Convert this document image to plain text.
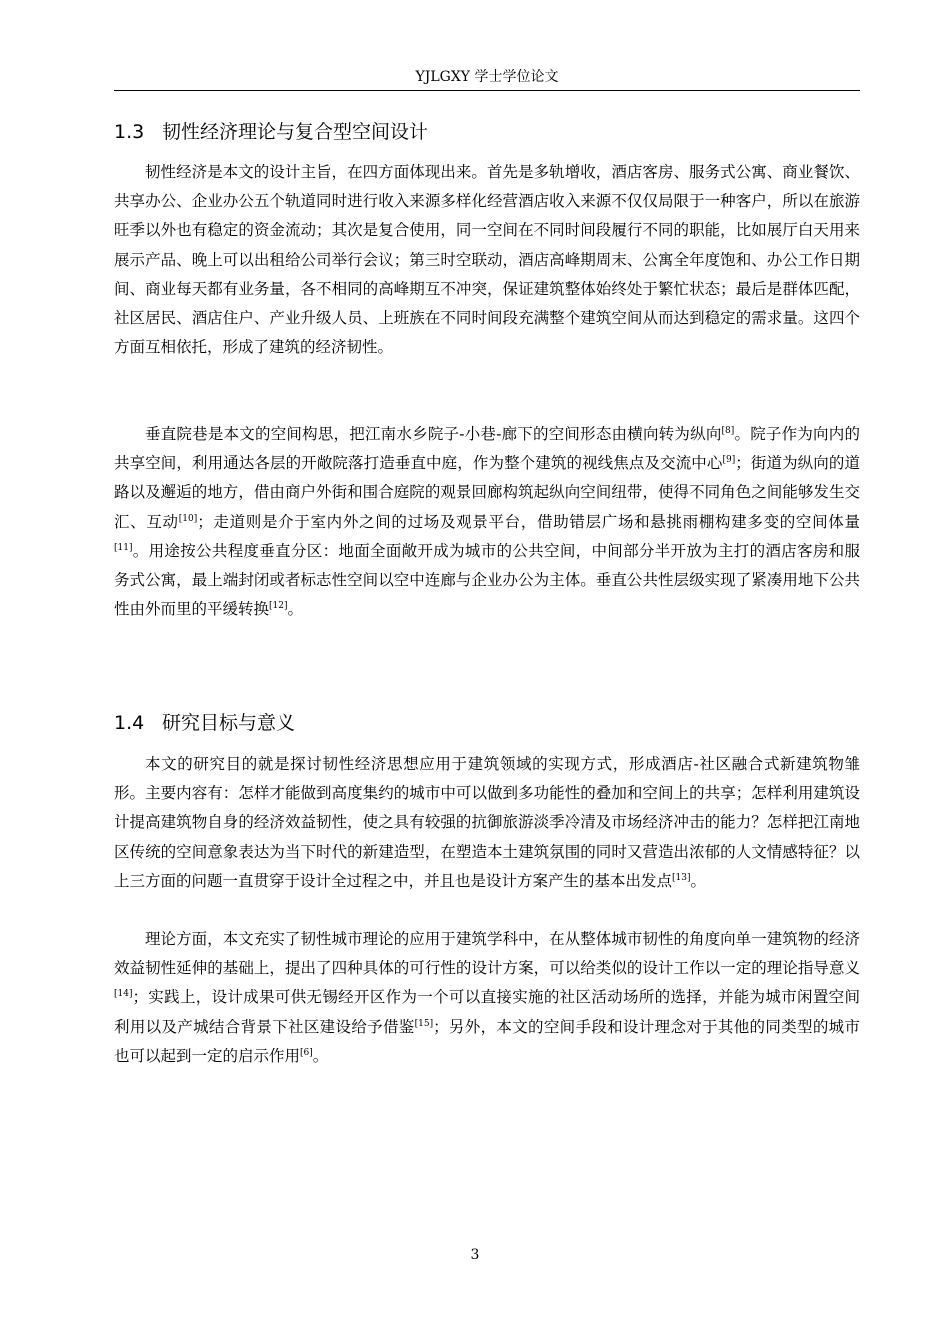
YJLGXY 学士学位论文
1.3 韧性经济理论与复合型空间设计
韧性经济是本文的设计主旨，在四方面体现出来。首先是多轨增收，酒店客房、服务式公寓、商业餐饮、共享办公、企业办公五个轨道同时进行收入来源多样化经营酒店收入来源不仅仅局限于一种客户，所以在旅游旺季以外也有稳定的资金流动；其次是复合使用，同一空间在不同时间段履行不同的职能，比如展厅白天用来展示产品、晚上可以出租给公司举行会议；第三时空联动，酒店高峰期周末、公寓全年度饱和、办公工作日期间、商业每天都有业务量，各不相同的高峰期互不冲突，保证建筑整体始终处于繁忙状态；最后是群体匹配，社区居民、酒店住户、产业升级人员、上班族在不同时间段充满整个建筑空间从而达到稳定的需求量。这四个方面互相依托，形成了建筑的经济韧性。
垂直院巷是本文的空间构思，把江南水乡院子-小巷-廊下的空间形态由横向转为纵向[8]。院子作为向内的共享空间，利用通达各层的开敞院落打造垂直中庭，作为整个建筑的视线焦点及交流中心[9]；街道为纵向的道路以及邂逅的地方，借由商户外街和围合庭院的观景回廊构筑起纵向空间纽带，使得不同角色之间能够发生交汇、互动[10]；走道则是介于室内外之间的过场及观景平台，借助错层广场和悬挑雨棚构建多变的空间体量[11]。用途按公共程度垂直分区：地面全面敞开成为城市的公共空间，中间部分半开放为主打的酒店客房和服务式公寓，最上端封闭或者标志性空间以空中连廊与企业办公为主体。垂直公共性层级实现了紧凑用地下公共性由外而里的平缓转换[12]。
1.4 研究目标与意义
本文的研究目的就是探讨韧性经济思想应用于建筑领域的实现方式，形成酒店-社区融合式新建筑物雏形。主要内容有：怎样才能做到高度集约的城市中可以做到多功能性的叠加和空间上的共享；怎样利用建筑设计提高建筑物自身的经济效益韧性，使之具有较强的抗御旅游淡季冷清及市场经济冲击的能力？怎样把江南地区传统的空间意象表达为当下时代的新建造型，在塑造本土建筑氛围的同时又营造出浓郁的人文情感特征？以上三方面的问题一直贯穿于设计全过程之中，并且也是设计方案产生的基本出发点[13]。
理论方面，本文充实了韧性城市理论的应用于建筑学科中，在从整体城市韧性的角度向单一建筑物的经济效益韧性延伸的基础上，提出了四种具体的可行性的设计方案，可以给类似的设计工作以一定的理论指导意义[14]；实践上，设计成果可供无锡经开区作为一个可以直接实施的社区活动场所的选择，并能为城市闲置空间利用以及产城结合背景下社区建设给予借鉴[15]；另外，本文的空间手段和设计理念对于其他的同类型的城市也可以起到一定的启示作用[6]。
3
